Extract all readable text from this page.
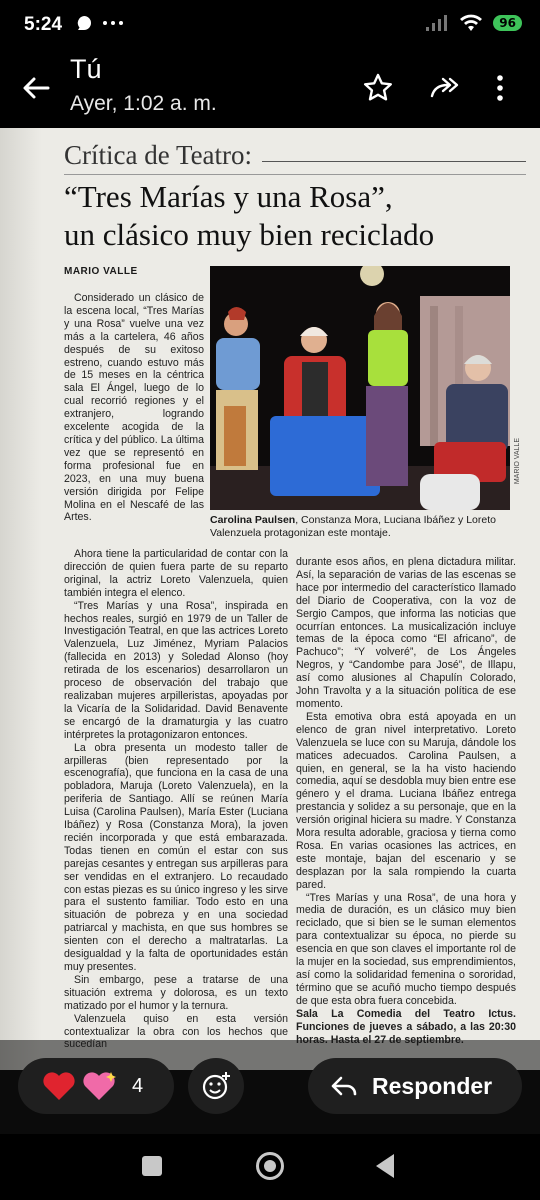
5:24	96
Tú
Ayer, 1:02 a. m.
Crítica de Teatro:
“Tres Marías y una Rosa”,
un clásico muy bien reciclado
MARIO VALLE
MARIO VALLE
Carolina Paulsen, Constanza Mora, Luciana Ibáñez y Loreto Valenzuela protagonizan este montaje.

Considerado un clásico de la escena local, “Tres Marías y una Rosa” vuelve una vez más a la cartelera, 46 años después de su exitoso estreno, cuando estuvo más de 15 meses en la céntrica sala El Ángel, luego de lo cual recorrió regiones y el extranjero, logrando excelente acogida de la crítica y del público. La última vez que se representó en forma profesional fue en 2023, en una muy buena versión dirigida por Felipe Molina en el Nescafé de las Artes.

Ahora tiene la particularidad de contar con la dirección de quien fuera parte de su reparto original, la actriz Loreto Valenzuela, quien también integra el elenco.

“Tres Marías y una Rosa”, inspirada en hechos reales, surgió en 1979 de un Taller de Investigación Teatral, en que las actrices Loreto Valenzuela, Luz Jiménez, Myriam Palacios (fallecida en 2013) y Soledad Alonso (hoy retirada de los escenarios) desarrollaron un proceso de observación del trabajo que realizaban mujeres arpilleristas, apoyadas por la Vicaría de la Solidaridad. David Benavente se encargó de la dramaturgia y las cuatro intérpretes la protagonizaron entonces.

La obra presenta un modesto taller de arpilleras (bien representado por la escenografía), que funciona en la casa de una pobladora, Maruja (Loreto Valenzuela), en la periferia de Santiago. Allí se reúnen María Luisa (Carolina Paulsen), María Ester (Luciana Ibáñez) y Rosa (Constanza Mora), la joven recién incorporada y que está embarazada. Todas tienen en común el estar con sus parejas cesantes y entregan sus arpilleras para ser vendidas en el extranjero. Lo recaudado con estas piezas es su único ingreso y les sirve para el sustento familiar. Todo esto en una situación de pobreza y en una sociedad patriarcal y machista, en que sus hombres se sienten con el derecho a maltratarlas. La desigualdad y la falta de oportunidades están muy presentes.

Sin embargo, pese a tratarse de una situación extrema y dolorosa, es un texto matizado por el humor y la ternura.

Valenzuela quiso en esta versión contextualizar la obra con los hechos que

durante esos años, en plena dictadura militar. Así, la separación de varias de las escenas se hace por intermedio del característico llamado del Diario de Cooperativa, con la voz de Sergio Campos, que informa las noticias que ocurrían entonces. La musicalización incluye temas de la época como “El africano”, de Pachuco”; “Y volveré”, de Los Ángeles Negros, y “Candombe para José”, de Illapu, así como alusiones al Chapulín Colorado, John Travolta y a la situación política de ese momento.

Esta emotiva obra está apoyada en un elenco de gran nivel interpretativo. Loreto Valenzuela se luce con su Maruja, dándole los matices adecuados. Carolina Paulsen, a quien, en general, se la ha visto haciendo comedia, aquí se desdobla muy bien entre ese género y el drama. Luciana Ibáñez entrega prestancia y solidez a su personaje, que en la versión original hiciera su madre. Y Constanza Mora resulta adorable, graciosa y tierna como Rosa. En varias ocasiones las actrices, en este montaje, bajan del escenario y se desplazan por la sala rompiendo la cuarta pared.

“Tres Marías y una Rosa”, de una hora y media de duración, es un clásico muy bien reciclado, que si bien se le suman elementos para contextualizar su época, no pierde su esencia en que son claves el importante rol de la mujer en la sociedad, sus emprendimientos, así como la solidaridad femenina o sororidad, término que se acuñó mucho tiempo después de que esta obra fuera concebida.

Sala La Comedia del Teatro Ictus. Funciones de jueves a sábado, a las 20:30

4	Responder
